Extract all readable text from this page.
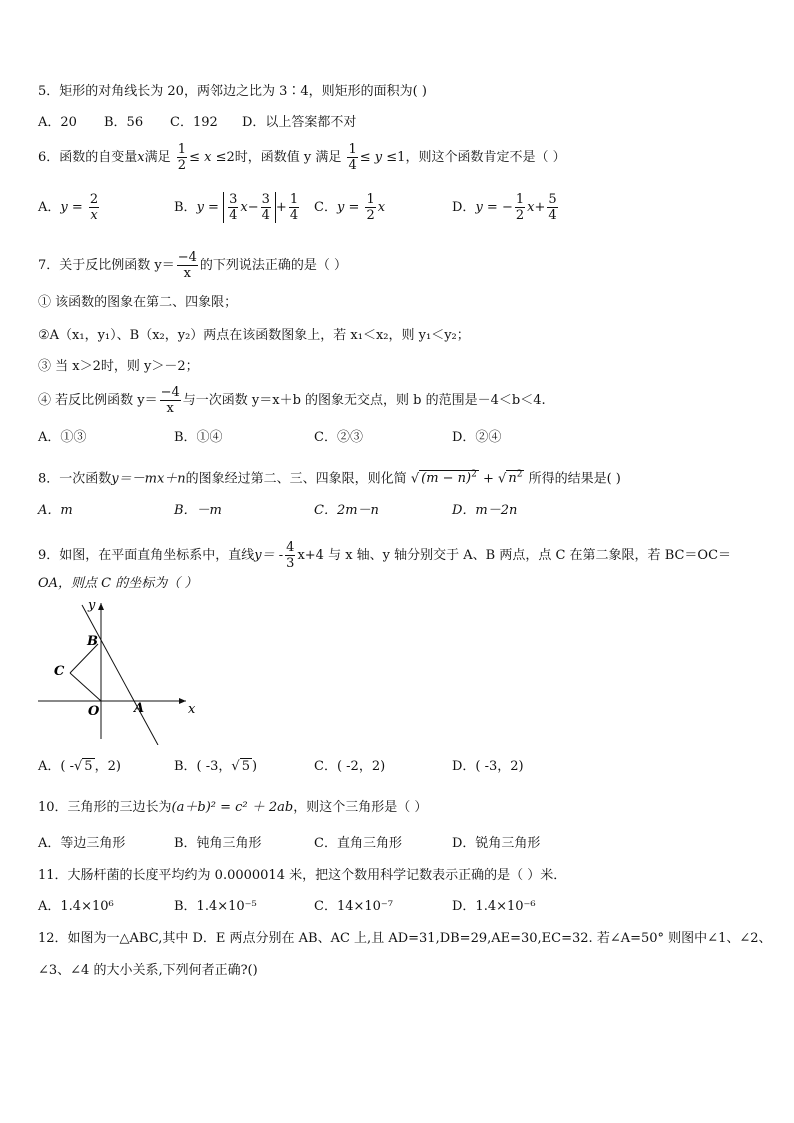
5．矩形的对角线长为 20，两邻边之比为 3∶4，则矩形的面积为( )
A．20 B．56 C．192 D．以上答案都不对
6．函数的自变量x满足 $\frac{1}{2} \le x \le 2$时，函数值 y 满足 $\frac{1}{4} \le y \le 1$，则这个函数肯定不是（ ）
A．$y = \frac{2}{x}$	B．$y = \frac{3}{4} x- \frac{3}{4} + \frac{1}{4}$ C．$y = \frac{1}{2}$ x	D．y = − $\frac{1}{2} x+ \frac{5}{4}$
7．关于反比例函数 $y= \frac{-4}{x}$ 的下列说法正确的是（ ）
① 该函数的图象在第二、四象限；
②A（x₁，y₁）、B（x₂，y₂）两点在该函数图象上，若 x₁＜x₂，则 y₁＜y₂；
③ 当 x＞2时，则 y＞－2；
④ 若反比例函数 $y= \frac{-4}{x}$ 与一次函数 y＝x＋b 的图象无交点，则 b 的范围是－4＜b＜4.
A．①③	B．①④	C．②③	D．②④
8．一次函数y＝－mx＋n的图象经过第二、三、四象限，则化简 √ $(m - n)^2$ + √ $n^2$ 所得的结果是( )
A．m	B．－m	C．2m－n	D．m－2n
9．如图，在平面直角坐标系中，直线$y= - \frac{4}{3} x+4$ 与 x 轴、y 轴分别交于 A、B 两点，点 C 在第二象限，若 BC＝OC＝
OA，则点 C 的坐标为（ ）
x
y
O	A
B
C
A．( -√ 5 ，2)	B．( -3，√ 5 )	C．( -2，2)	D．( -3，2)
10．三角形的三边长为(a＋b)² = c² ＋ 2ab，则这个三角形是（ ）
A．等边三角形	B．钝角三角形	C．直角三角形	D．锐角三角形
11．大肠杆菌的长度平均约为 0.0000014 米，把这个数用科学记数表示正确的是（ ）米．
A．1.4×10⁶	B．1.4×10⁻⁵	C．14×10⁻⁷	D．1.4×10⁻⁶
12．如图为一△ABC,其中 D．E 两点分别在 AB、AC 上,且 AD=31,DB=29,AE=30,EC=32. 若∠A=50° 则图中∠1、∠2、
∠3、∠4 的大小关系,下列何者正确?()
